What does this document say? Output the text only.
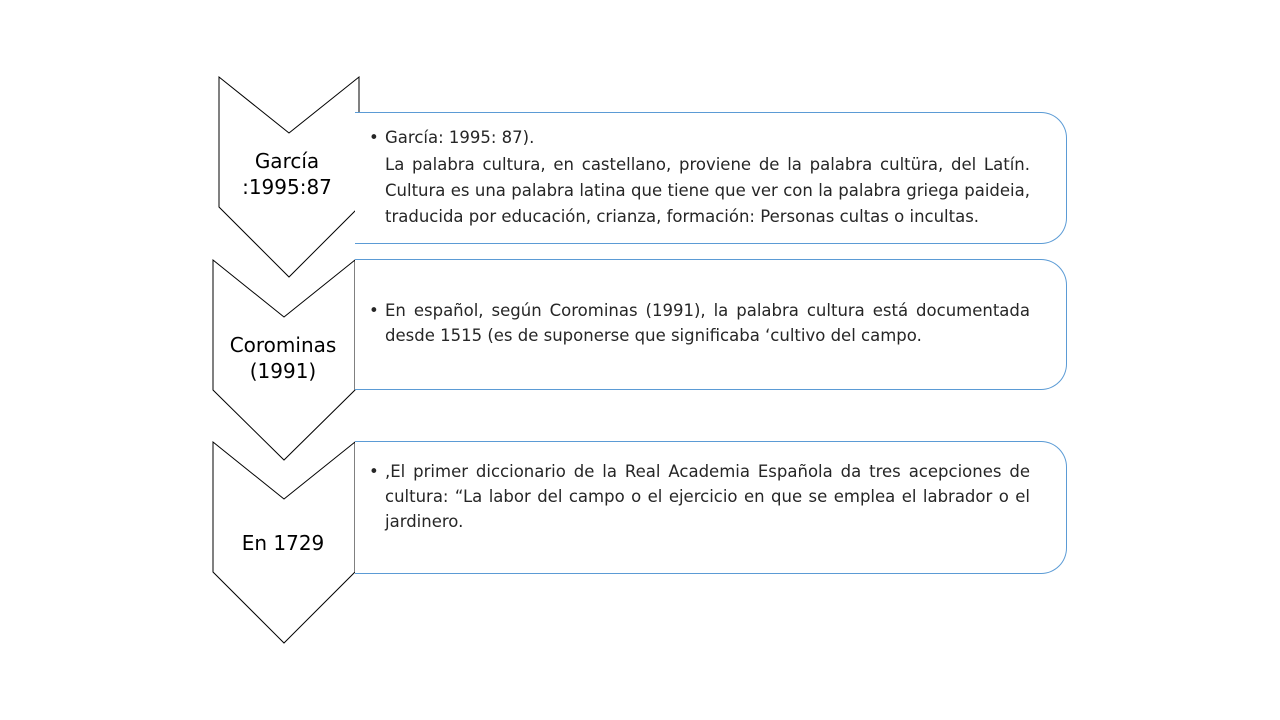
García :1995:87
Corominas (1991)
En 1729
• García: 1995: 87).
La palabra cultura, en castellano, proviene de la palabra cultüra, del Latín. Cultura es una palabra latina que tiene que ver con la palabra griega paideia, traducida por educación, crianza, formación: Personas cultas o incultas.
• En español, según Corominas (1991), la palabra cultura está documentada desde 1515 (es de suponerse que significaba ‘cultivo del campo.
• ,El primer diccionario de la Real Academia Española da tres acepciones de cultura: “La labor del campo o el ejercicio en que se emplea el labrador o el jardinero.
